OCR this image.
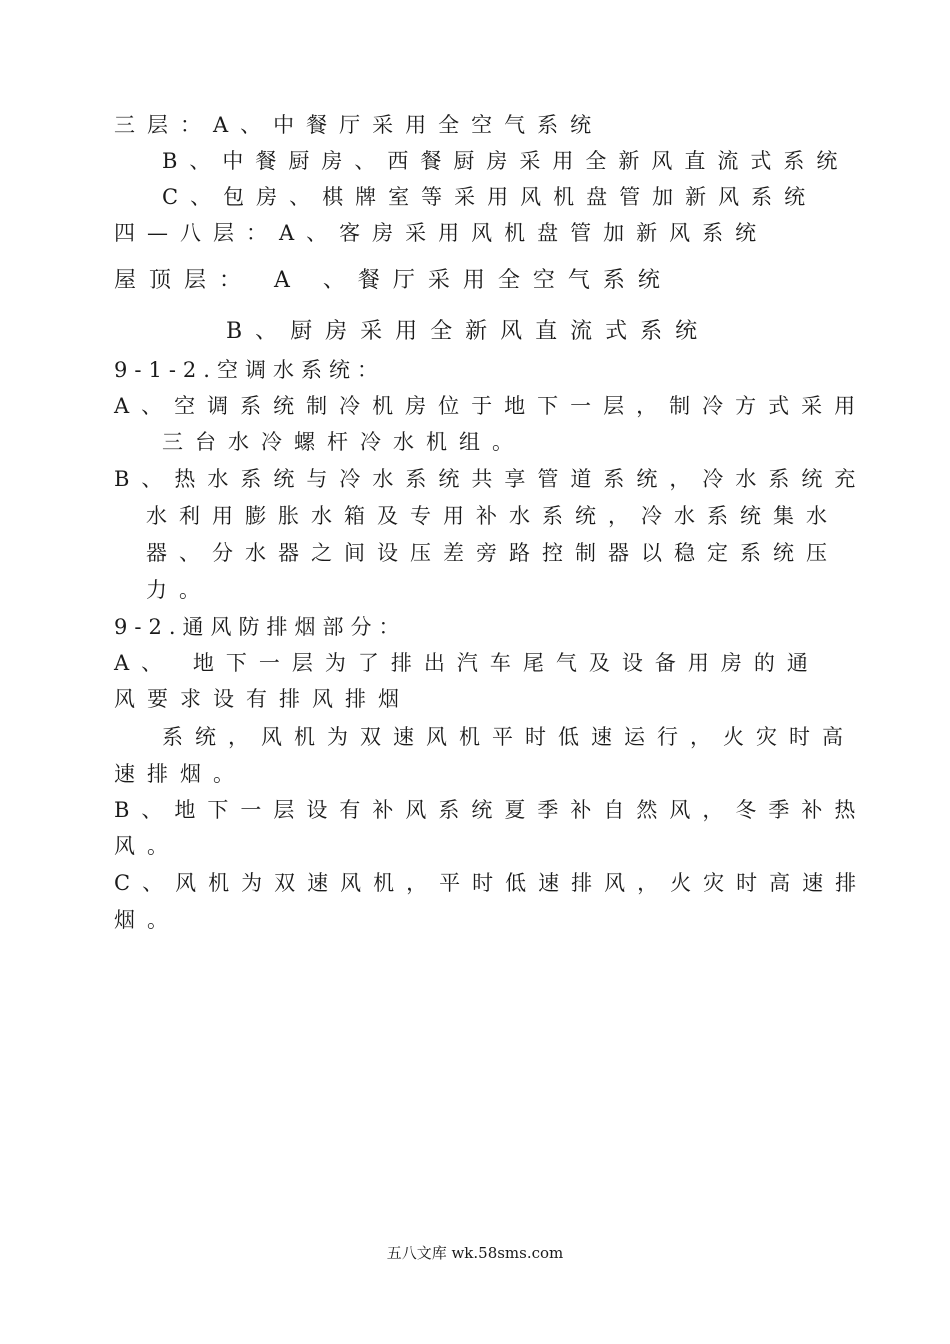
三层：A、中餐厅采用全空气系统
B、中餐厨房、西餐厨房采用全新风直流式系统
C、包房、棋牌室等采用风机盘管加新风系统
四—八层：A、客房采用风机盘管加新风系统
屋顶层： A 、餐厅采用全空气系统
B、厨房采用全新风直流式系统
9-1-2.空调水系统：
A、空调系统制冷机房位于地下一层，制冷方式采用
三台水冷螺杆冷水机组。
B、热水系统与冷水系统共享管道系统，冷水系统充
水利用膨胀水箱及专用补水系统，冷水系统集水
器、分水器之间设压差旁路控制器以稳定系统压
力。
9-2.通风防排烟部分：
A、 地下一层为了排出汽车尾气及设备用房的通
风要求设有排风排烟
系统，风机为双速风机平时低速运行，火灾时高
速排烟。
B、地下一层设有补风系统夏季补自然风，冬季补热
风。
C、风机为双速风机，平时低速排风，火灾时高速排
烟。
五八文库 wk.58sms.com
